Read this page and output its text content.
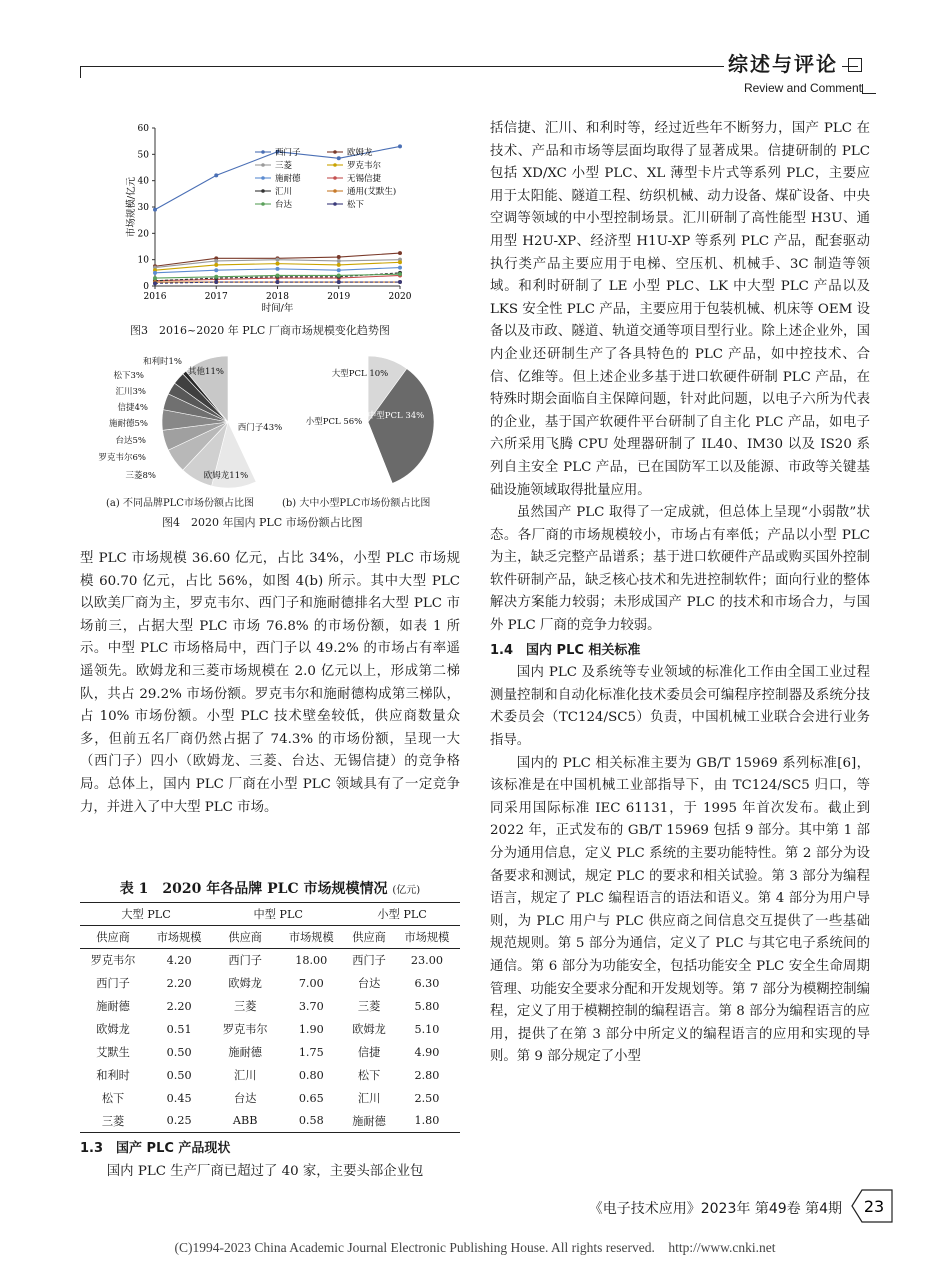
综述与评论
Review and Comment
0
10
20
30
40
50
60
2016	2017	2018	2019	2020
时间/年
市场规模/亿元
西门子	欧姆龙
三菱	罗克韦尔
施耐德	无锡信捷
汇川	通用(艾默生)
台达	松下
图3　2016~2020 年 PLC 厂商市场规模变化趋势图
西门子43%
欧姆龙11%
三菱8%
罗克韦尔6%
台达5%
施耐德5%
信捷4%
汇川3%
松下3%
和利时1%
其他11%	大型PCL 10%
中型PCL 34%
小型PCL 56%
(a) 不同品牌PLC市场份额占比图	(b) 大中小型PLC市场份额占比图
图4　2020 年国内 PLC 市场份额占比图

型 PLC 市场规模 36.60 亿元，占比 34%，小型 PLC 市场规模 60.70 亿元，占比 56%，如图 4(b) 所示。其中大型 PLC 以欧美厂商为主，罗克韦尔、西门子和施耐德排名大型 PLC 市场前三，占据大型 PLC 市场 76.8% 的市场份额，如表 1 所示。中型 PLC 市场格局中，西门子以 49.2% 的市场占有率遥遥领先。欧姆龙和三菱市场规模在 2.0 亿元以上，形成第二梯队，共占 29.2% 市场份额。罗克韦尔和施耐德构成第三梯队，占 10% 市场份额。小型 PLC 技术壁垒较低，供应商数量众多，但前五名厂商仍然占据了 74.3% 的市场份额，呈现一大（西门子）四小（欧姆龙、三菱、台达、无锡信捷）的竞争格局。总体上，国内 PLC 厂商在小型 PLC 领域具有了一定竞争力，并进入了中大型 PLC 市场。

表 1　2020 年各品牌 PLC 市场规模情况 (亿元)
大型 PLC		中型 PLC		小型 PLC	
供应商	市场规模	供应商	市场规模	供应商	市场规模
罗克韦尔	4.20	西门子	18.00	西门子	23.00
西门子	2.20	欧姆龙	7.00	台达	6.30
施耐德	2.20	三菱	3.70	三菱	5.80
欧姆龙	0.51	罗克韦尔	1.90	欧姆龙	5.10
艾默生	0.50	施耐德	1.75	信捷	4.90
和利时	0.50	汇川	0.80	松下	2.80
松下	0.45	台达	0.65	汇川	2.50
三菱	0.25	ABB	0.58	施耐德	1.80
1.3　国产 PLC 产品现状

国内 PLC 生产厂商已超过了 40 家，主要头部企业包

括信捷、汇川、和利时等，经过近些年不断努力，国产 PLC 在技术、产品和市场等层面均取得了显著成果。信捷研制的 PLC 包括 XD/XC 小型 PLC、XL 薄型卡片式等系列 PLC，主要应用于太阳能、隧道工程、纺织机械、动力设备、煤矿设备、中央空调等领域的中小型控制场景。汇川研制了高性能型 H3U、通用型 H2U-XP、经济型 H1U-XP 等系列 PLC 产品，配套驱动执行类产品主要应用于电梯、空压机、机械手、3C 制造等领域。和利时研制了 LE 小型 PLC、LK 中大型 PLC 产品以及 LKS 安全性 PLC 产品，主要应用于包装机械、机床等 OEM 设备以及市政、隧道、轨道交通等项目型行业。除上述企业外，国内企业还研制生产了各具特色的 PLC 产品，如中控技术、合信、亿维等。但上述企业多基于进口软硬件研制 PLC 产品，在特殊时期会面临自主保障问题，针对此问题，以电子六所为代表的企业，基于国产软硬件平台研制了自主化 PLC 产品，如电子六所采用飞腾 CPU 处理器研制了 IL40、IM30 以及 IS20 系列自主安全 PLC 产品，已在国防军工以及能源、市政等关键基础设施领域取得批量应用。

虽然国产 PLC 取得了一定成就，但总体上呈现“小弱散”状态。各厂商的市场规模较小，市场占有率低；产品以小型 PLC 为主，缺乏完整产品谱系；基于进口软硬件产品或购买国外控制软件研制产品，缺乏核心技术和先进控制软件；面向行业的整体解决方案能力较弱；未形成国产 PLC 的技术和市场合力，与国外 PLC 厂商的竞争力较弱。

1.4　国内 PLC 相关标准

国内 PLC 及系统等专业领域的标准化工作由全国工业过程测量控制和自动化标准化技术委员会可编程序控制器及系统分技术委员会（TC124/SC5）负责，中国机械工业联合会进行业务指导。

国内的 PLC 相关标准主要为 GB/T 15969 系列标准[6]，该标准是在中国机械工业部指导下，由 TC124/SC5 归口，等同采用国际标准 IEC 61131，于 1995 年首次发布。截止到 2022 年，正式发布的 GB/T 15969 包括 9 部分。其中第 1 部分为通用信息，定义 PLC 系统的主要功能特性。第 2 部分为设备要求和测试，规定 PLC 的要求和相关试验。第 3 部分为编程语言，规定了 PLC 编程语言的语法和语义。第 4 部分为用户导则，为 PLC 用户与 PLC 供应商之间信息交互提供了一些基础规范规则。第 5 部分为通信，定义了 PLC 与其它电子系统间的通信。第 6 部分为功能安全，包括功能安全 PLC 安全生命周期管理、功能安全要求分配和开发规划等。第 7 部分为模糊控制编程，定义了用于模糊控制的编程语言。第 8 部分为编程语言的应用，提供了在第 3 部分中所定义的编程语言的应用和实现的导则。第 9 部分规定了小型

《电子技术应用》2023年 第49卷 第4期 23
(C)1994-2023 China Academic Journal Electronic Publishing House. All rights reserved.　http://www.cnki.net
